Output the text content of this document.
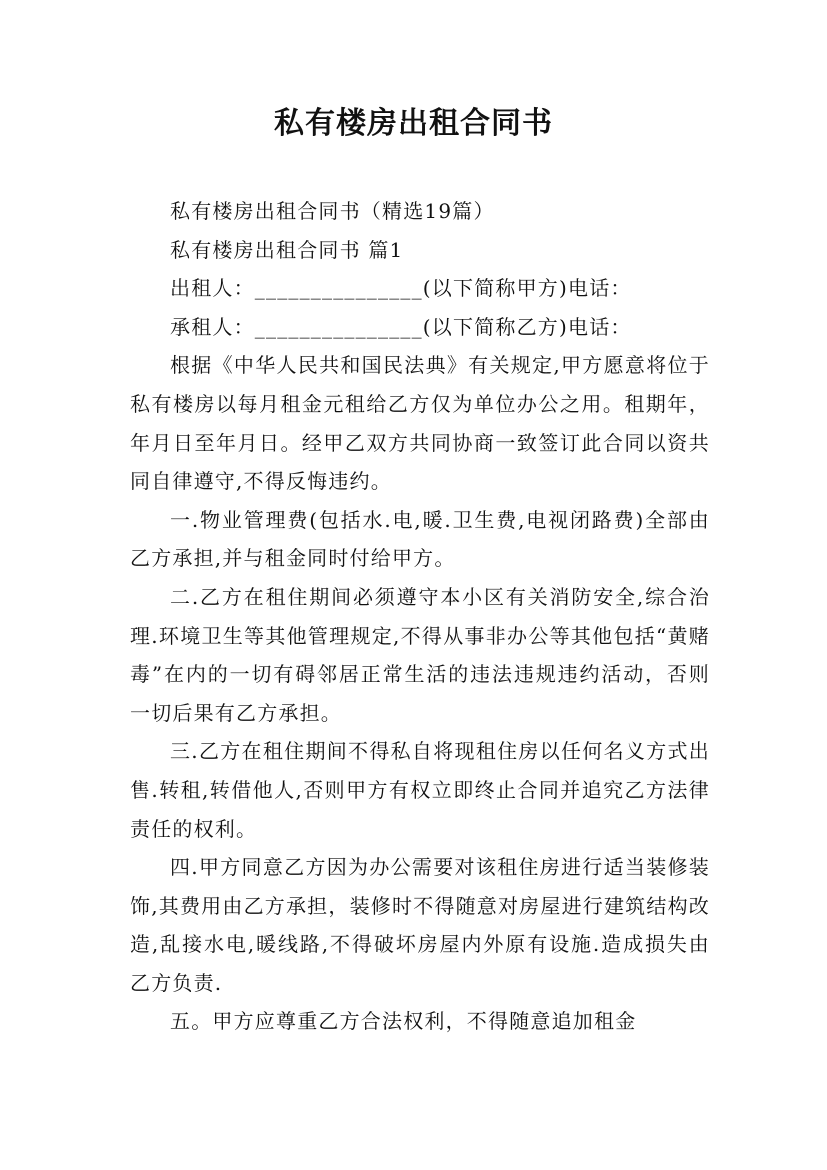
私有楼房出租合同书

私有楼房出租合同书（精选19篇）

私有楼房出租合同书 篇1

出租人：_______________(以下简称甲方)电话：

承租人：_______________(以下简称乙方)电话：

根据《中华人民共和国民法典》有关规定,甲方愿意将位于私有楼房以每月租金元租给乙方仅为单位办公之用。租期年，年月日至年月日。经甲乙双方共同协商一致签订此合同以资共同自律遵守,不得反悔违约。

一.物业管理费(包括水.电,暖.卫生费,电视闭路费)全部由乙方承担,并与租金同时付给甲方。

二.乙方在租住期间必须遵守本小区有关消防安全,综合治理.环境卫生等其他管理规定,不得从事非办公等其他包括“黄赌毒”在内的一切有碍邻居正常生活的违法违规违约活动，否则一切后果有乙方承担。

三.乙方在租住期间不得私自将现租住房以任何名义方式出售.转租,转借他人,否则甲方有权立即终止合同并追究乙方法律责任的权利。

四.甲方同意乙方因为办公需要对该租住房进行适当装修装饰,其费用由乙方承担，装修时不得随意对房屋进行建筑结构改造,乱接水电,暖线路,不得破坏房屋内外原有设施.造成损失由乙方负责.

五。甲方应尊重乙方合法权利，不得随意追加租金
